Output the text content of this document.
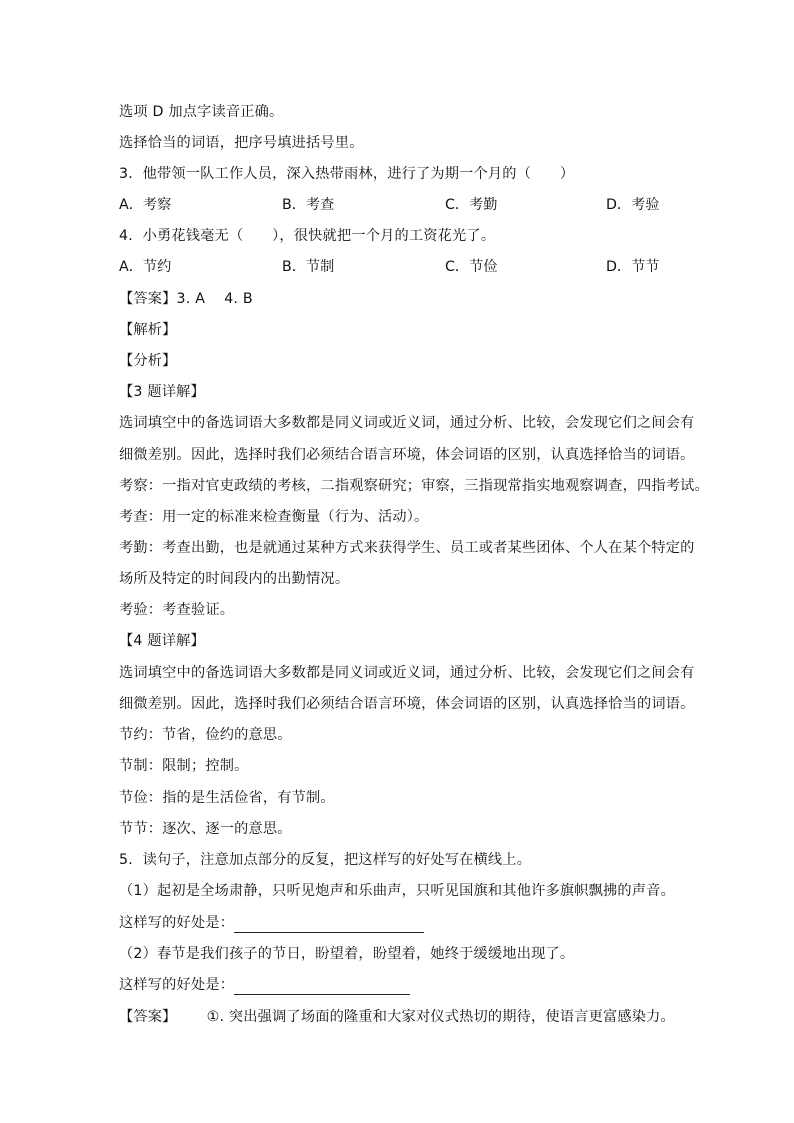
选项 D 加点字读音正确。
选择恰当的词语，把序号填进括号里。
3．他带领一队工作人员，深入热带雨林，进行了为期一个月的（　　）
A．考察	B．考查	C．考勤	D．考验
4．小勇花钱毫无（　　），很快就把一个月的工资花光了。
A．节约	B．节制	C．节俭	D．节节
【答案】3. A　 4. B
【解析】
【分析】
【3 题详解】
选词填空中的备选词语大多数都是同义词或近义词，通过分析、比较，会发现它们之间会有
细微差别。因此，选择时我们必须结合语言环境，体会词语的区别，认真选择恰当的词语。
考察：一指对官吏政绩的考核，二指观察研究；审察，三指现常指实地观察调查，四指考试。
考查：用一定的标准来检查衡量（行为、活动）。
考勤：考查出勤，也是就通过某种方式来获得学生、员工或者某些团体、个人在某个特定的
场所及特定的时间段内的出勤情况。
考验：考查验证。
【4 题详解】
选词填空中的备选词语大多数都是同义词或近义词，通过分析、比较，会发现它们之间会有
细微差别。因此，选择时我们必须结合语言环境，体会词语的区别，认真选择恰当的词语。
节约：节省，俭约的意思。
节制：限制；控制。
节俭：指的是生活俭省，有节制。
节节：逐次、逐一的意思。
5．读句子，注意加点部分的反复，把这样写的好处写在横线上。
（1）起初是全场肃静，只听见炮声和乐曲声，只听见国旗和其他许多旗帜飘拂的声音。
这样写的好处是：
（2）春节是我们孩子的节日，盼望着，盼望着，她终于缓缓地出现了。
这样写的好处是：
【答案】 ①. 突出强调了场面的隆重和大家对仪式热切的期待，使语言更富感染力。
